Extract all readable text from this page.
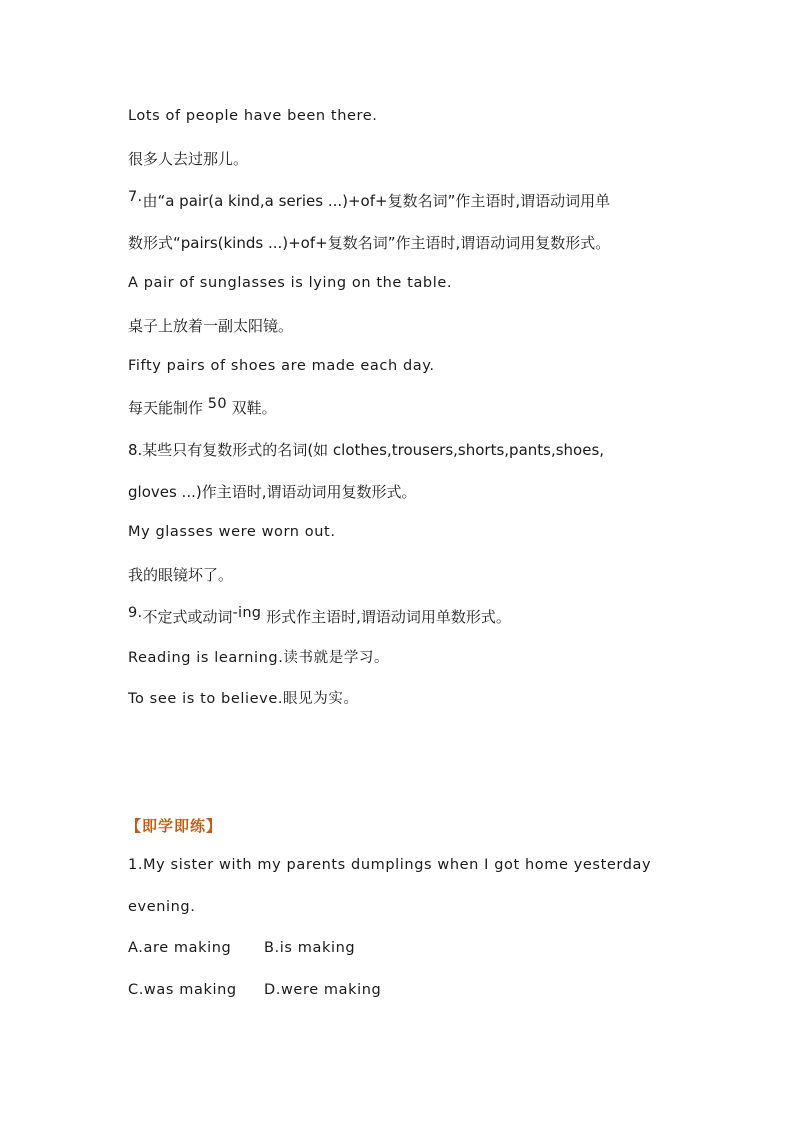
Lots of people have been there.

很多人去过那儿。

7.由“a pair(a kind,a series ...)+of+复数名词”作主语时,谓语动词用单

数形式“pairs(kinds ...)+of+复数名词”作主语时,谓语动词用复数形式。

A pair of sunglasses is lying on the table.

桌子上放着一副太阳镜。

Fifty pairs of shoes are made each day.

每天能制作 50 双鞋。

8.某些只有复数形式的名词(如 clothes,trousers,shorts,pants,shoes,

gloves ...)作主语时,谓语动词用复数形式。

My glasses were worn out.

我的眼镜坏了。

9.不定式或动词-ing 形式作主语时,谓语动词用单数形式。

Reading is learning.读书就是学习。

To see is to believe.眼见为实。

【即学即练】

1.My sister with my parents dumplings when I got home yesterday

evening.

A.are making B.is making

C.was making D.were making
